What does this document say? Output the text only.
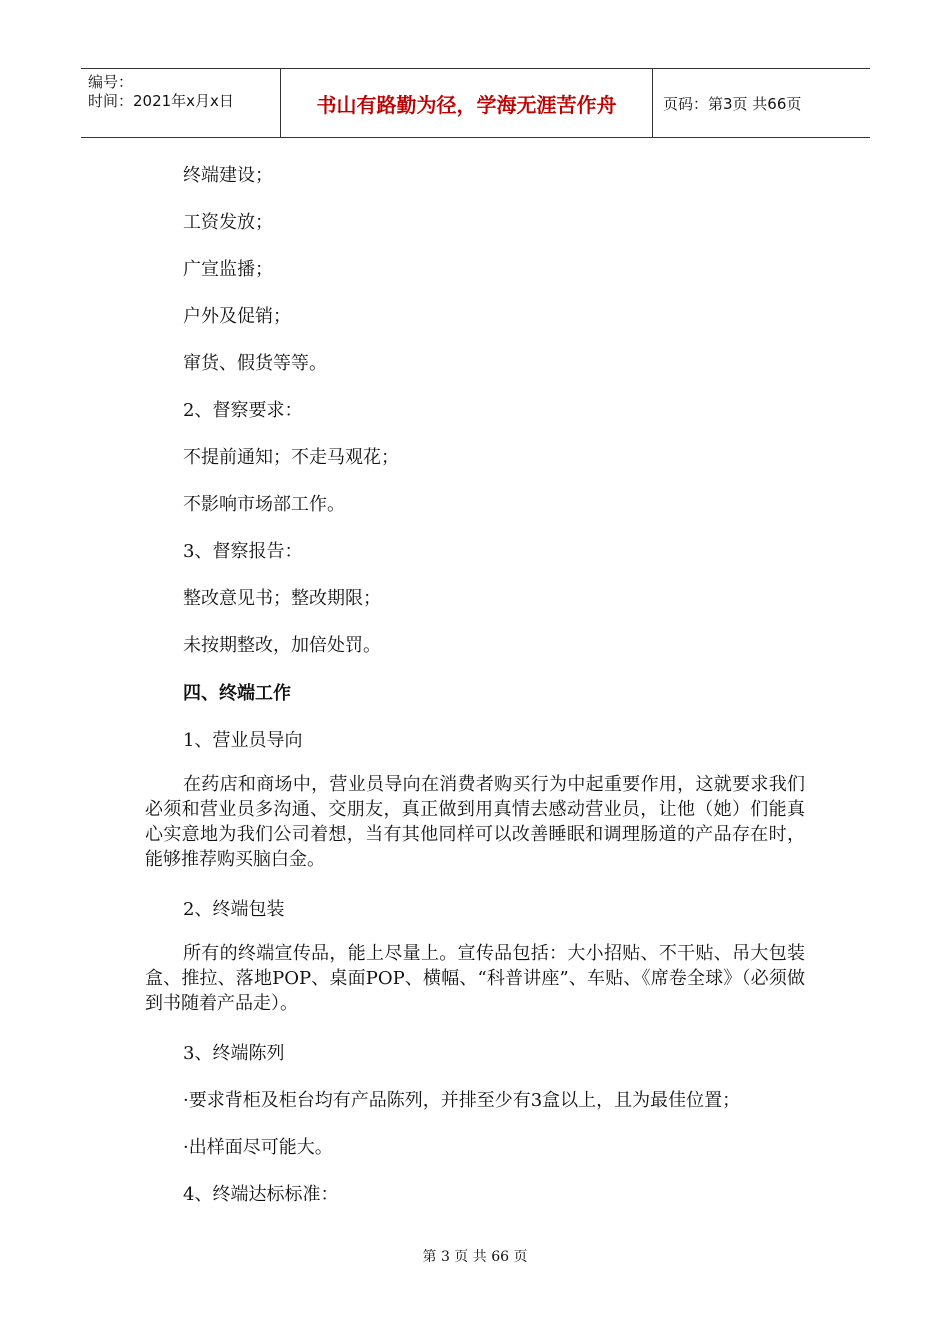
编号：
时间：2021年x月x日	书山有路勤为径，学海无涯苦作舟	页码：第3页 共66页
终端建设；
工资发放；
广宣监播；
户外及促销；
窜货、假货等等。
2、督察要求：
不提前通知；不走马观花；
不影响市场部工作。
3、督察报告：
整改意见书；整改期限；
未按期整改，加倍处罚。
四、终端工作
1、营业员导向
在药店和商场中，营业员导向在消费者购买行为中起重要作用，这就要求我们必须和营业员多沟通、交朋友，真正做到用真情去感动营业员，让他（她）们能真心实意地为我们公司着想，当有其他同样可以改善睡眠和调理肠道的产品存在时，能够推荐购买脑白金。
2、终端包装
所有的终端宣传品，能上尽量上。宣传品包括：大小招贴、不干贴、吊大包装盒、推拉、落地POP、桌面POP、横幅、“科普讲座”、车贴、《席卷全球》（必须做到书随着产品走）。
3、终端陈列
·要求背柜及柜台均有产品陈列，并排至少有3盒以上，且为最佳位置；
·出样面尽可能大。
4、终端达标标准：
第 3 页 共 66 页
